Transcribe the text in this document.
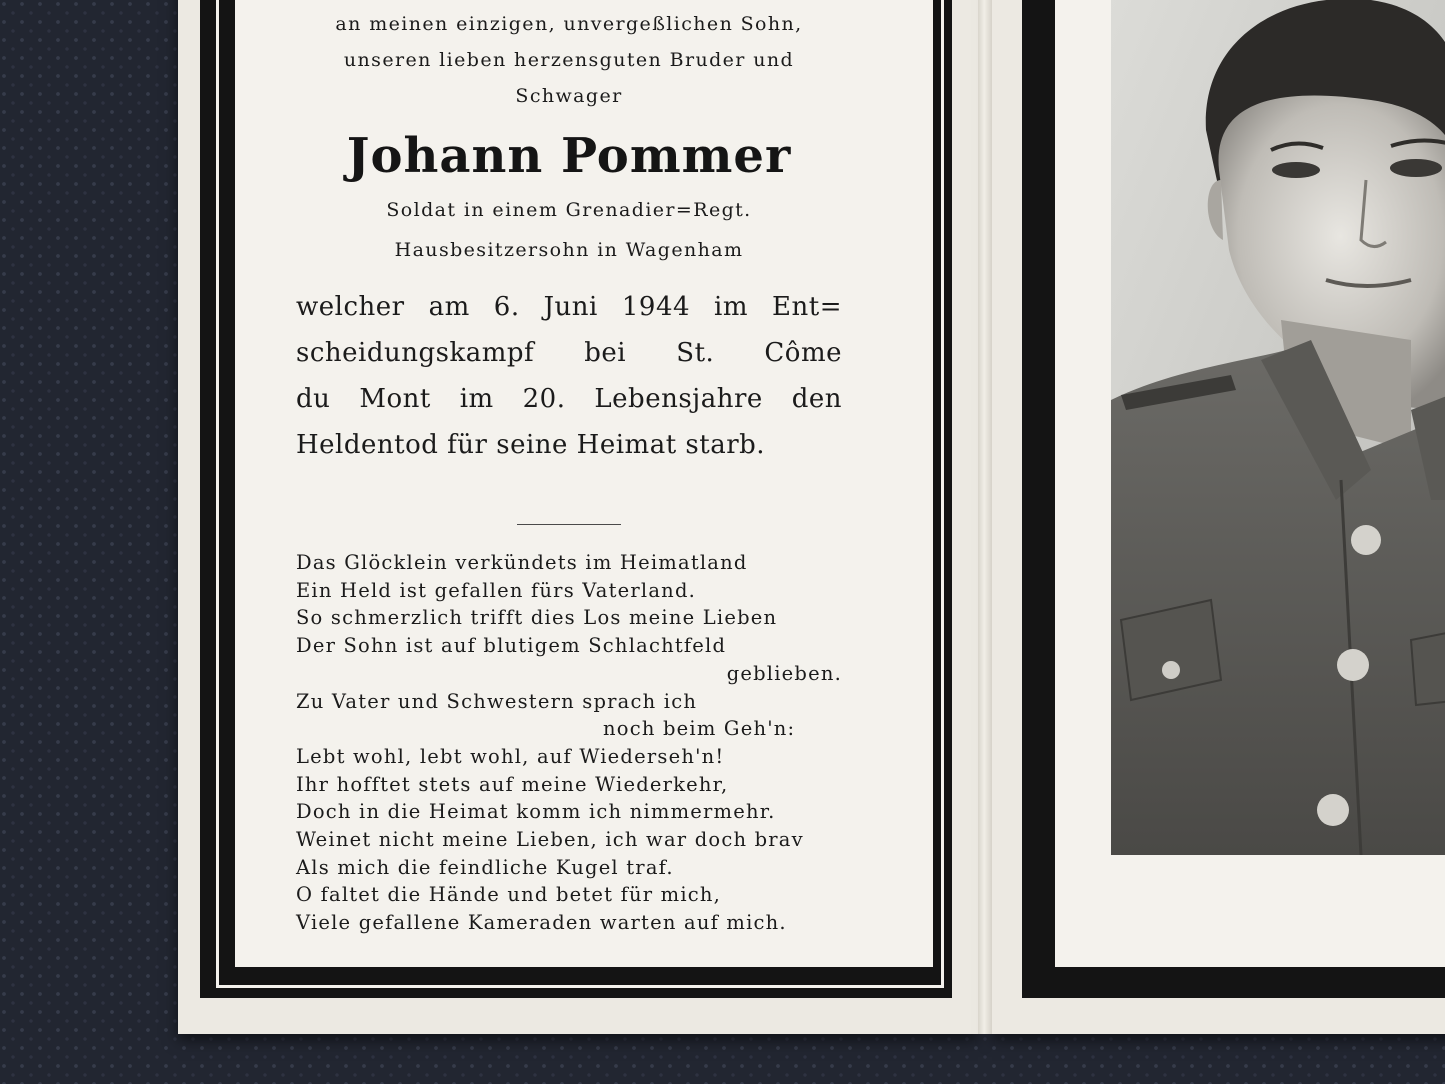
an meinen einzigen, unvergeßlichen Sohn,

unseren lieben herzensguten Bruder und

Schwager

Johann Pommer

Soldat in einem Grenadier=Regt.

Hausbesitzersohn in Wagenham

welcher am 6. Juni 1944 im Ent=

scheidungskampf bei St. Côme

du Mont im 20. Lebensjahre den

Heldentod für seine Heimat starb.

Das Glöcklein verkündets im Heimatland

Ein Held ist gefallen fürs Vaterland.

So schmerzlich trifft dies Los meine Lieben

Der Sohn ist auf blutigem Schlachtfeld

geblieben.

Zu Vater und Schwestern sprach ich

noch beim Geh'n:

Lebt wohl, lebt wohl, auf Wiederseh'n!

Ihr hofftet stets auf meine Wiederkehr,

Doch in die Heimat komm ich nimmermehr.

Weinet nicht meine Lieben, ich war doch brav

Als mich die feindliche Kugel traf.

O faltet die Hände und betet für mich,

Viele gefallene Kameraden warten auf mich.
